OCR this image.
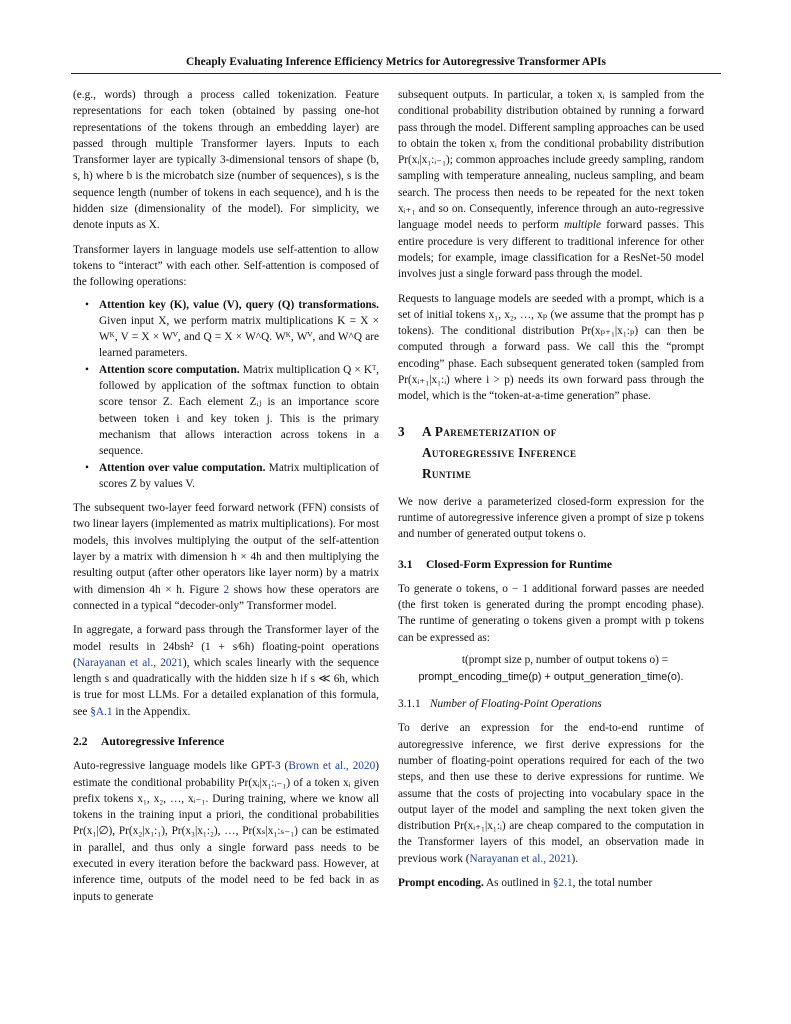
Cheaply Evaluating Inference Efficiency Metrics for Autoregressive Transformer APIs

(e.g., words) through a process called tokenization. Feature representations for each token (obtained by passing one-hot representations of the tokens through an embedding layer) are passed through multiple Transformer layers. Inputs to each Transformer layer are typically 3-dimensional tensors of shape (b, s, h) where b is the microbatch size (number of sequences), s is the sequence length (number of tokens in each sequence), and h is the hidden size (dimensionality of the model). For simplicity, we denote inputs as X.

Transformer layers in language models use self-attention to allow tokens to “interact” with each other. Self-attention is composed of the following operations:

• Attention key (K), value (V), query (Q) transformations. Given input X, we perform matrix multiplications K = X × Wᴷ, V = X × Wⱽ, and Q = X × W^Q. Wᴷ, Wⱽ, and W^Q are learned parameters.
• Attention score computation. Matrix multiplication Q × Kᵀ, followed by application of the softmax function to obtain score tensor Z. Each element Zᵢⱼ is an importance score between token i and key token j. This is the primary mechanism that allows interaction across tokens in a sequence.
• Attention over value computation. Matrix multiplication of scores Z by values V.

The subsequent two-layer feed forward network (FFN) consists of two linear layers (implemented as matrix multiplications). For most models, this involves multiplying the output of the self-attention layer by a matrix with dimension h × 4h and then multiplying the resulting output (after other operators like layer norm) by a matrix with dimension 4h × h. Figure 2 shows how these operators are connected in a typical “decoder-only” Transformer model.

In aggregate, a forward pass through the Transformer layer of the model results in 24bsh² (1 + s⁄6h) floating-point operations (Narayanan et al., 2021), which scales linearly with the sequence length s and quadratically with the hidden size h if s ≪ 6h, which is true for most LLMs. For a detailed explanation of this formula, see §A.1 in the Appendix.

2.2 Autoregressive Inference

Auto-regressive language models like GPT-3 (Brown et al., 2020) estimate the conditional probability Pr(xᵢ|x₁:ᵢ₋₁) of a token xᵢ given prefix tokens x₁, x₂, …, xᵢ₋₁. During training, where we know all tokens in the training input a priori, the conditional probabilities Pr(x₁|∅), Pr(x₂|x₁:₁), Pr(x₃|x₁:₂), …, Pr(xₛ|x₁:ₛ₋₁) can be estimated in parallel, and thus only a single forward pass needs to be executed in every iteration before the backward pass. However, at inference time, outputs of the model need to be fed back in as inputs to generate

subsequent outputs. In particular, a token xᵢ is sampled from the conditional probability distribution obtained by running a forward pass through the model. Different sampling approaches can be used to obtain the token xᵢ from the conditional probability distribution Pr(xᵢ|x₁:ᵢ₋₁); common approaches include greedy sampling, random sampling with temperature annealing, nucleus sampling, and beam search. The process then needs to be repeated for the next token xᵢ₊₁ and so on. Consequently, inference through an auto-regressive language model needs to perform multiple forward passes. This entire procedure is very different to traditional inference for other models; for example, image classification for a ResNet-50 model involves just a single forward pass through the model.

Requests to language models are seeded with a prompt, which is a set of initial tokens x₁, x₂, …, xₚ (we assume that the prompt has p tokens). The conditional distribution Pr(xₚ₊₁|x₁:ₚ) can then be computed through a forward pass. We call this the “prompt encoding” phase. Each subsequent generated token (sampled from Pr(xᵢ₊₁|x₁:ᵢ) where i > p) needs its own forward pass through the model, which is the “token-at-a-time generation” phase.

3	A Paremeterization of
Autoregressive Inference
Runtime

We now derive a parameterized closed-form expression for the runtime of autoregressive inference given a prompt of size p tokens and number of generated output tokens o.

3.1 Closed-Form Expression for Runtime

To generate o tokens, o − 1 additional forward passes are needed (the first token is generated during the prompt encoding phase). The runtime of generating o tokens given a prompt with p tokens can be expressed as:

t(prompt size p, number of output tokens o) =
prompt_encoding_time(p) + output_generation_time(o).
3.1.1 Number of Floating-Point Operations

To derive an expression for the end-to-end runtime of autoregressive inference, we first derive expressions for the number of floating-point operations required for each of the two steps, and then use these to derive expressions for runtime. We assume that the costs of projecting into vocabulary space in the output layer of the model and sampling the next token given the distribution Pr(xᵢ₊₁|x₁:ᵢ) are cheap compared to the computation in the Transformer layers of this model, an observation made in previous work (Narayanan et al., 2021).

Prompt encoding. As outlined in §2.1, the total number
